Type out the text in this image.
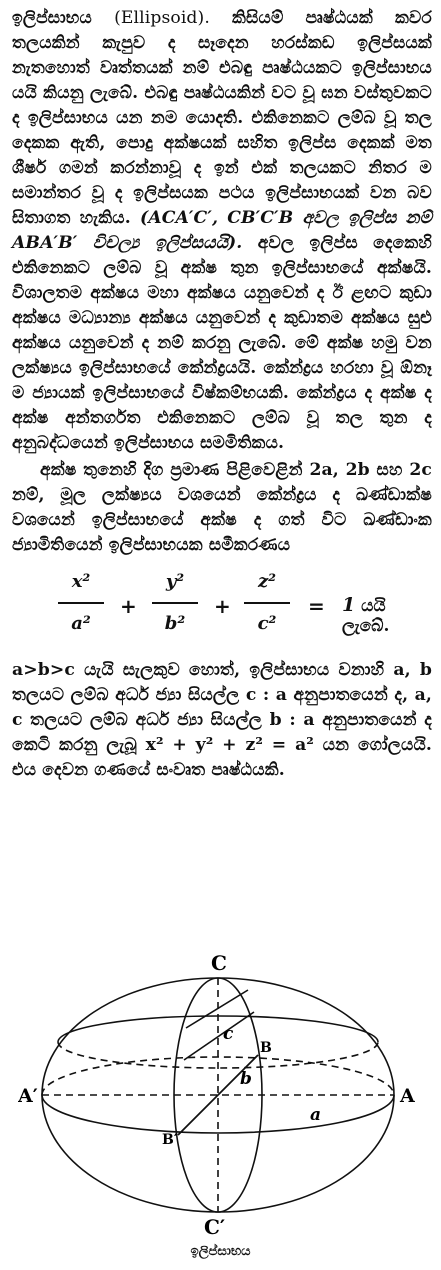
ඉලිප්සාභය (Ellipsoid). කිසියම් පෘෂ්ඨයක් කවර තලයකින් කැපුව ද සෑදෙන හරස්කඩ ඉලිප්සයක් නැතහොත් වෘත්තයක් නම් එබඳු පෘෂ්ඨයකට ඉලිප්සාභය යයි කියනු ලැබේ. එබඳු පෘෂ්ඨයකින් වට වූ ඝන වස්තුවකට ද ඉලිප්සාභය යන නම යොදති. එකිනෙකට ලම්බ වූ තල දෙකක ඇති, පොදු අක්ෂයක් සහිත ඉලිප්ස දෙකක් මත ශීර්ෂ ගමන් කරන්නාවූ ද ඉන් එක් තලයකට නිතර ම සමාන්තර වූ ද ඉලිප්සයක පථය ඉලිප්සාභයක් වන බව සිතාගත හැකිය. (ACA′C′, CB′C′B අවල ඉලිප්ස නම් ABA′B′ විචල්‍ය ඉලිප්සයයි). අවල ඉලිප්ස දෙකෙහි එකිනෙකට ලම්බ වූ අක්ෂ තුන ඉලිප්සාභයේ අක්ෂයි. විශාලතම අක්ෂය මහා අක්ෂය යනුවෙන් ද ඊ ළඟට කුඩා අක්ෂය මධ්‍යාන්‍ය අක්ෂය යනුවෙන් ද කුඩාතම අක්ෂය සුළු අක්ෂය යනුවෙන් ද නම් කරනු ලැබේ. මේ අක්ෂ හමු වන ලක්ෂ්‍යය ඉලිප්සාභයේ කේන්ද්‍රයයි. කේන්ද්‍රය හරහා වූ ඕනෑ ම ජ්‍යායක් ඉලිප්සාභයේ විෂ්කම්භයකි. කේන්ද්‍රය ද අක්ෂ ද අක්ෂ අන්තර්ගත එකිනෙකට ලම්බ වූ තල තුන ද අනුබද්ධයෙන් ඉලිප්සාභය සමමිතිකය.

අක්ෂ තුනෙහි දිග ප්‍රමාණ පිළිවෙළින් 2a, 2b සහ 2c නම්, මූල ලක්ෂ්‍යය වශයෙන් කේන්ද්‍රය ද ඛණ්ඩාක්ෂ වශයෙන් ඉලිප්සාභයේ අක්ෂ ද ගත් විට ඛණ්ඩාංක ජ්‍යාමිතියෙන් ඉලිප්සාභයක සමීකරණය

x²
a²
+
y²
b²
+
z²
c²
= 1 යයි ලැබේ.

a>b>c යැයි සැලකුව හොත්, ඉලිප්සාභය වනාහි a, b තලයට ලම්බ අර්ධ ජ්‍යා සියල්ල c : a අනුපාතයෙන් ද, a, c තලයට ලම්බ අර්ධ ජ්‍යා සියල්ල b : a අනුපාතයෙන් ද කෙටි කරනු ලැබූ x² + y² + z² = a² යන ගෝලයයි. එය දෙවන ගණයේ සංවෘත පෘෂ්ඨයකි.

C
C′
A′	A
B
B′
a
b
c
ඉලිප්සාභය
